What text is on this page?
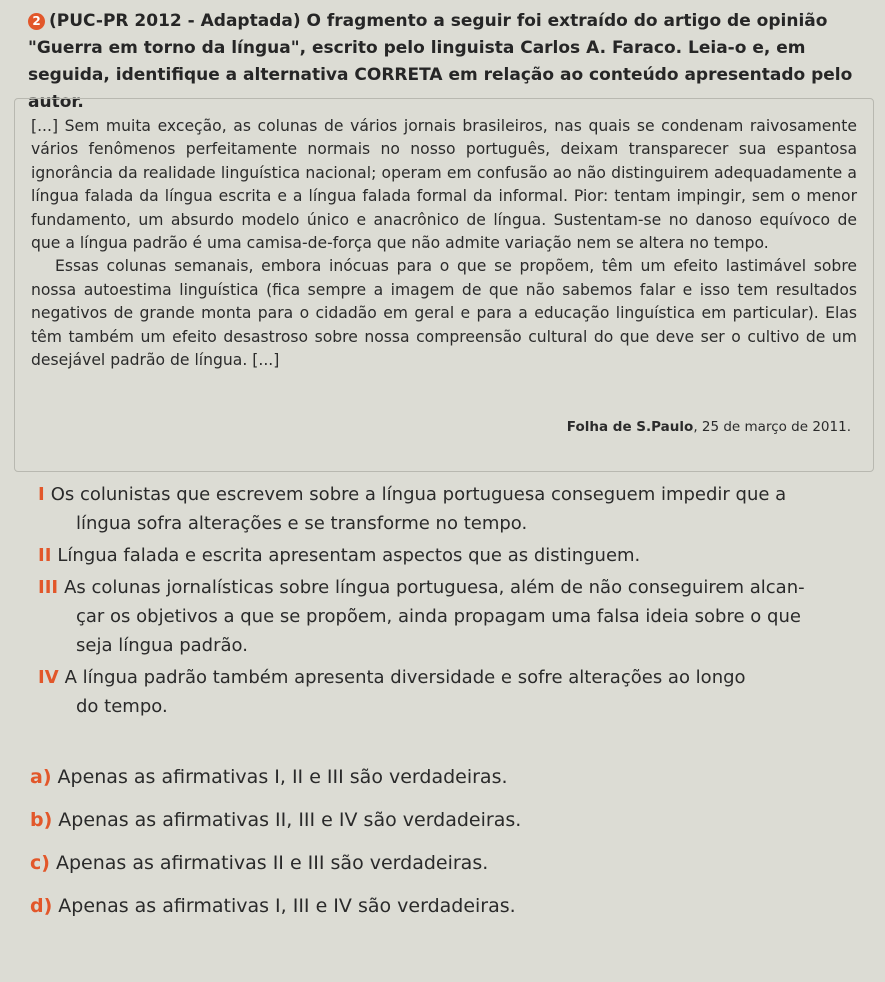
2 (PUC-PR 2012 - Adaptada) O fragmento a seguir foi extraído do artigo de opinião "Guerra em torno da língua", escrito pelo linguista Carlos A. Faraco. Leia-o e, em seguida, identifique a alternativa CORRETA em relação ao conteúdo apresentado pelo autor.

[...] Sem muita exceção, as colunas de vários jornais brasileiros, nas quais se condenam raivosamente vários fenômenos perfeitamente normais no nosso português, deixam transparecer sua espantosa ignorância da realidade linguística nacional; operam em confusão ao não distinguirem adequadamente a língua falada da língua escrita e a língua falada formal da informal. Pior: tentam impingir, sem o menor fundamento, um absurdo modelo único e anacrônico de língua. Sustentam-se no danoso equívoco de que a língua padrão é uma camisa-de-força que não admite variação nem se altera no tempo.

Essas colunas semanais, embora inócuas para o que se propõem, têm um efeito lastimável sobre nossa autoestima linguística (fica sempre a imagem de que não sabemos falar e isso tem resultados negativos de grande monta para o cidadão em geral e para a educação linguística em particular). Elas têm também um efeito desastroso sobre nossa compreensão cultural do que deve ser o cultivo de um desejável padrão de língua. [...]

Folha de S.Paulo, 25 de março de 2011.
I Os colunistas que escrevem sobre a língua portuguesa conseguem impedir que a
língua sofra alterações e se transforme no tempo.
II Língua falada e escrita apresentam aspectos que as distinguem.
III As colunas jornalísticas sobre língua portuguesa, além de não conseguirem alcan-
çar os objetivos a que se propõem, ainda propagam uma falsa ideia sobre o que
seja língua padrão.
IV A língua padrão também apresenta diversidade e sofre alterações ao longo
do tempo.
a) Apenas as afirmativas I, II e III são verdadeiras.
b) Apenas as afirmativas II, III e IV são verdadeiras.
c) Apenas as afirmativas II e III são verdadeiras.
d) Apenas as afirmativas I, III e IV são verdadeiras.
